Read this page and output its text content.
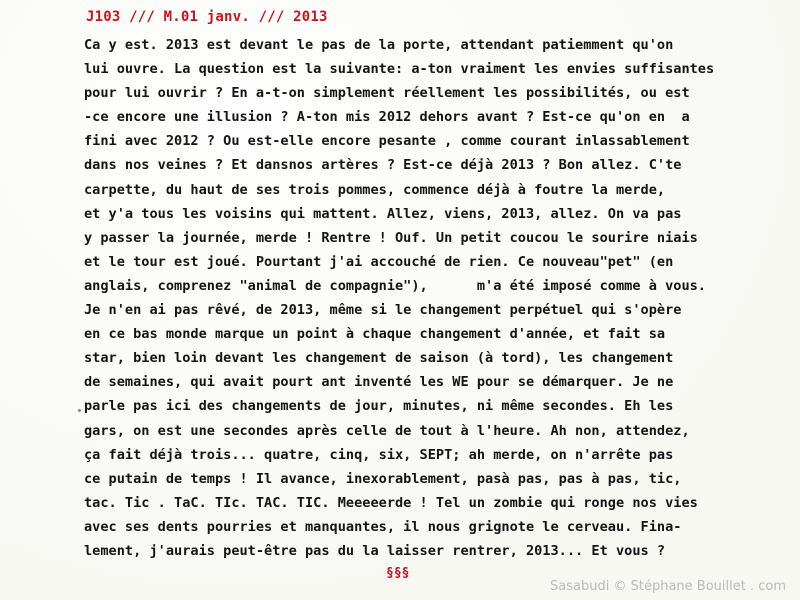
J103 /// M.01 janv. /// 2013
Ca y est. 2013 est devant le pas de la porte, attendant patiemment qu'on
lui ouvre. La question est la suivante: a-ton vraiment les envies suffisantes
pour lui ouvrir ? En a-t-on simplement réellement les possibilités, ou est
-ce encore une illusion ? A-ton mis 2012 dehors avant ? Est-ce qu'on en  a
fini avec 2012 ? Ou est-elle encore pesante , comme courant inlassablement
dans nos veines ? Et dansnos artères ? Est-ce déjà 2013 ? Bon allez. C'te
carpette, du haut de ses trois pommes, commence déjà à foutre la merde,
et y'a tous les voisins qui mattent. Allez, viens, 2013, allez. On va pas
y passer la journée, merde ! Rentre ! Ouf. Un petit coucou le sourire niais
et le tour est joué. Pourtant j'ai accouché de rien. Ce nouveau"pet" (en
anglais, comprenez "animal de compagnie"),      m'a été imposé comme à vous.
Je n'en ai pas rêvé, de 2013, même si le changement perpétuel qui s'opère
en ce bas monde marque un point à chaque changement d'année, et fait sa
star, bien loin devant les changement de saison (à tord), les changement
de semaines, qui avait pourt ant inventé les WE pour se démarquer. Je ne
parle pas ici des changements de jour, minutes, ni même secondes. Eh les
gars, on est une secondes après celle de tout à l'heure. Ah non, attendez,
ça fait déjà trois... quatre, cinq, six, SEPT; ah merde, on n'arrête pas
ce putain de temps ! Il avance, inexorablement, pasà pas, pas à pas, tic,
tac. Tic . TaC. TIc. TAC. TIC. Meeeeerde ! Tel un zombie qui ronge nos vies
avec ses dents pourries et manquantes, il nous grignote le cerveau. Fina-
lement, j'aurais peut-être pas du la laisser rentrer, 2013... Et vous ?
§§§
Sasabudi © Stéphane Bouillet . com
